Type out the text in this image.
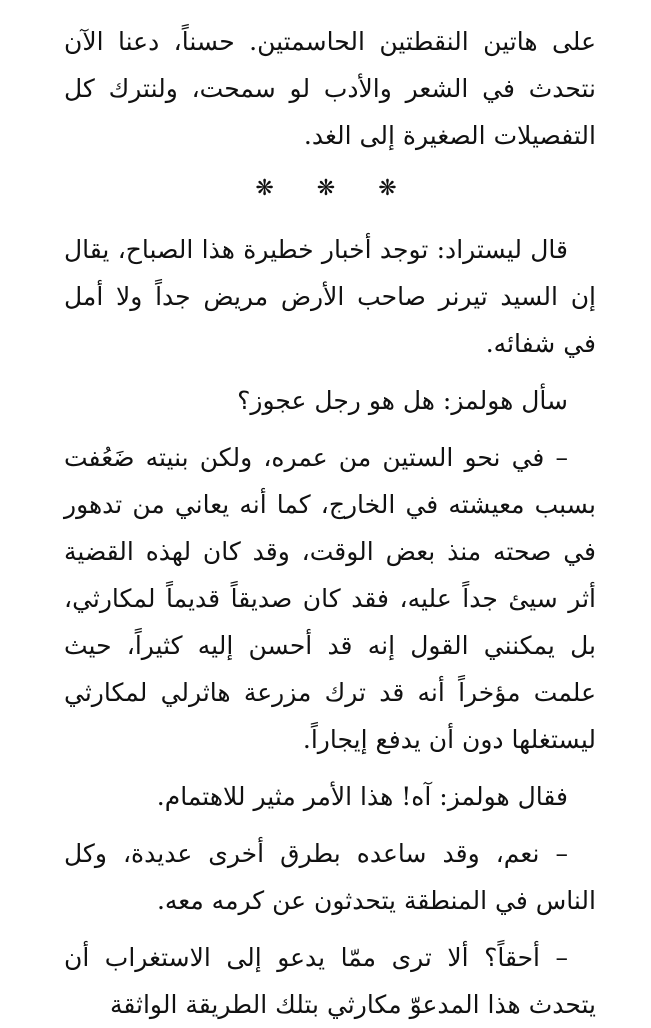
على هاتين النقطتين الحاسمتين. حسناً، دعنا الآن نتحدث في الشعر والأدب لو سمحت، ولنترك كل التفصيلات الصغيرة إلى الغد.

❋ ❋ ❋

قال ليستراد: توجد أخبار خطيرة هذا الصباح، يقال إن السيد تيرنر صاحب الأرض مريض جداً ولا أمل في شفائه.

سأل هولمز: هل هو رجل عجوز؟

– في نحو الستين من عمره، ولكن بنيته ضَعُفت بسبب معيشته في الخارج، كما أنه يعاني من تدهور في صحته منذ بعض الوقت، وقد كان لهذه القضية أثر سيئ جداً عليه، فقد كان صديقاً قديماً لمكارثي، بل يمكنني القول إنه قد أحسن إليه كثيراً، حيث علمت مؤخراً أنه قد ترك مزرعة هاثرلي لمكارثي ليستغلها دون أن يدفع إيجاراً.

فقال هولمز: آه! هذا الأمر مثير للاهتمام.

– نعم، وقد ساعده بطرق أخرى عديدة، وكل الناس في المنطقة يتحدثون عن كرمه معه.

– أحقاً؟ ألا ترى ممّا يدعو إلى الاستغراب أن يتحدث هذا المدعوّ مكارثي بتلك الطريقة الواثقة
